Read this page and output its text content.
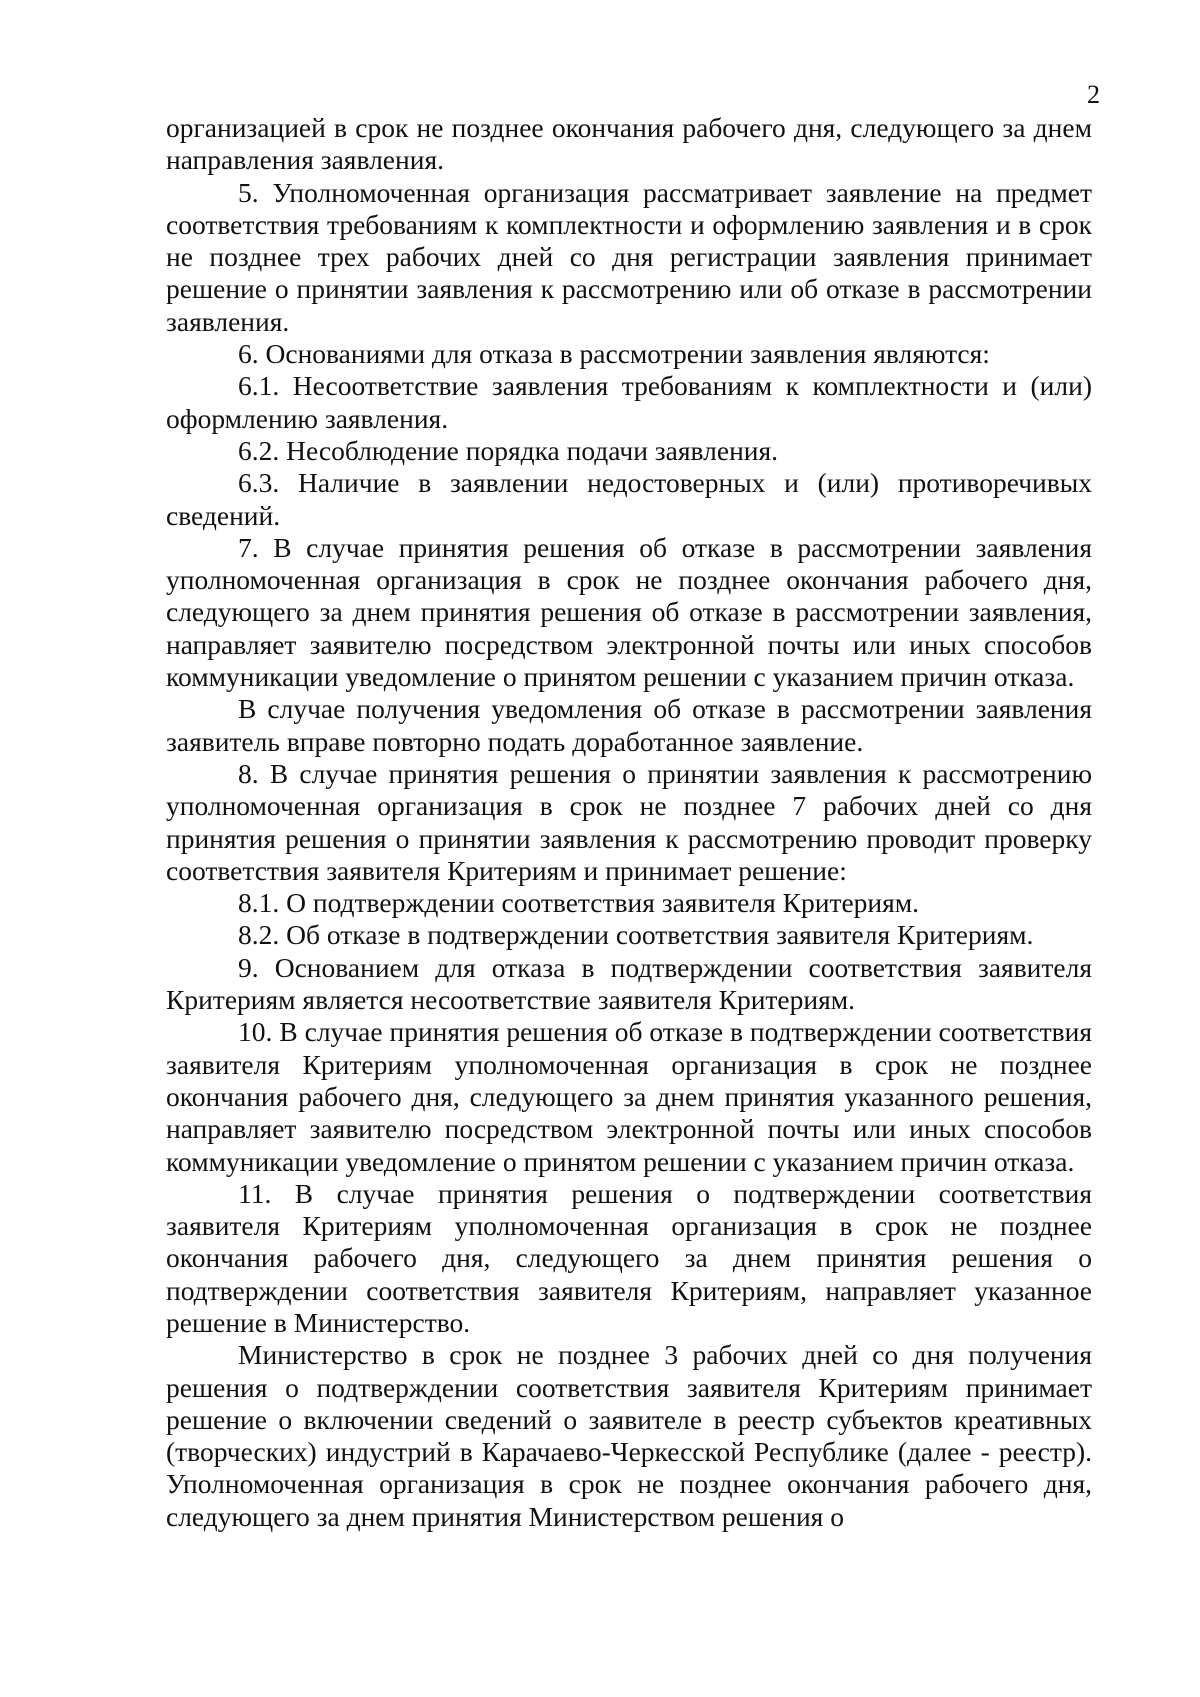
2

организацией в срок не позднее окончания рабочего дня, следующего за днем направления заявления.

5. Уполномоченная организация рассматривает заявление на предмет соответствия требованиям к комплектности и оформлению заявления и в срок не позднее трех рабочих дней со дня регистрации заявления принимает решение о принятии заявления к рассмотрению или об отказе в рассмотрении заявления.

6. Основаниями для отказа в рассмотрении заявления являются:

6.1. Несоответствие заявления требованиям к комплектности и (или) оформлению заявления.

6.2. Несоблюдение порядка подачи заявления.

6.3. Наличие в заявлении недостоверных и (или) противоречивых сведений.

7. В случае принятия решения об отказе в рассмотрении заявления уполномоченная организация в срок не позднее окончания рабочего дня, следующего за днем принятия решения об отказе в рассмотрении заявления, направляет заявителю посредством электронной почты или иных способов коммуникации уведомление о принятом решении с указанием причин отказа.

В случае получения уведомления об отказе в рассмотрении заявления заявитель вправе повторно подать доработанное заявление.

8. В случае принятия решения о принятии заявления к рассмотрению уполномоченная организация в срок не позднее 7 рабочих дней со дня принятия решения о принятии заявления к рассмотрению проводит проверку соответствия заявителя Критериям и принимает решение:

8.1. О подтверждении соответствия заявителя Критериям.

8.2. Об отказе в подтверждении соответствия заявителя Критериям.

9. Основанием для отказа в подтверждении соответствия заявителя Критериям является несоответствие заявителя Критериям.

10. В случае принятия решения об отказе в подтверждении соответствия заявителя Критериям уполномоченная организация в срок не позднее окончания рабочего дня, следующего за днем принятия указанного решения, направляет заявителю посредством электронной почты или иных способов коммуникации уведомление о принятом решении с указанием причин отказа.

11. В случае принятия решения о подтверждении соответствия заявителя Критериям уполномоченная организация в срок не позднее окончания рабочего дня, следующего за днем принятия решения о подтверждении соответствия заявителя Критериям, направляет указанное решение в Министерство.

Министерство в срок не позднее 3 рабочих дней со дня получения решения о подтверждении соответствия заявителя Критериям принимает решение о включении сведений о заявителе в реестр субъектов креативных (творческих) индустрий в Карачаево-Черкесской Республике (далее - реестр). Уполномоченная организация в срок не позднее окончания рабочего дня, следующего за днем принятия Министерством решения о
